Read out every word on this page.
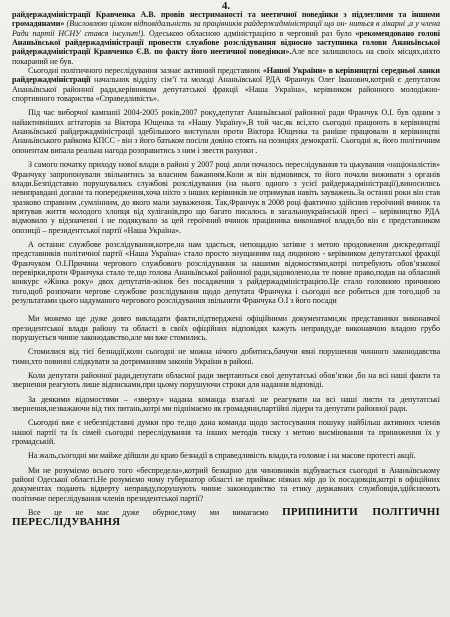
4.

райдержадміністрації Кравченка А.В. провів нестриманості та неетичної поведінки з підлеглими та іншими громадянами» (Висловлюю цілком відповідальність за працівників райдержадміністрації що он- ниться в лікарні ,а у члена Ради партії НСНУ стався інсульт!). Одеською обласною адміністрацією в черговий раз було «рекомендовано голові Ананьївської райдержадміністрації провести службове розслідування відносно заступника голови Ананьївської райдержадміністрації Кравченко Є.В. по факту його неетичної поведінки».Але все залишилось на своїх місцях,ніхто покараний не був.

Сьогодні політичного переслідування зазнає активний представник «Нашої України» в керівництві середньої ланки райдержадміністрації начальник відділу сім’ї та молоді Ананьївської РДА Франчук Олег Іванович,котрий є депутатом Ананьївської районної ради,керівником депутатської фракції «Наша Україна», керівником районного молодіжно-спортивного товариства «Справедливість».

Під час виборчої кампанії 2004-2005 років,2007 року,депутат Ананьївської районної ради Франчук О.І. був одним з найактивніших агітаторів за Віктора Ющенка та «Нашу Україну»,В той час,як всі,хто сьогодні працюють в керівництві Ананьївської райдержадміністрації здебільшого виступали проти Віктора Ющенка та раніше працювали в керівництві Ананьївського райкома КПСС - він з його батьком посіли довіно стоять на позиціях демократії. Сьогодні ж, його політичним опонентам випала реальна нагода розправитись з ним і звести рахунки .

З самого початку приходу нової влади в районі у 2007 році ,коли почалось переслідування та цькування «націоналістів» Франчуку запропонували звільнитись за власним бажанням.Коли ж він відмовився, то його почали виживати з органів влади.Безпідставно порушувались службові розслідування (на нього одного з усієї райдержадміністрації),виносились невиправдані догани та попередження,хоча ніхто з інших керівників не отримував навіть зауважень.За останні роки він став зразково справним ,сумлінним, до якого мали зауваження. Так,Франчук в 2008 році фактично здійснив героїчний вчинок та врятував життя молодого хлопця від хуліганів,про що багато писалось в загальноукраїнській пресі – керівництво РДА відмовило у відзначенні і не подякувало за цей героїчний вчинок працівника виконавчої влади,бо він є представником опозиції – президентської партії «Наша Україна».

А останнє службове розслідування,котре,на нам здається, непощадно затіяне з метою продовження дискредитації представників політичної партії «Наша Україна» стало просто знущанням над людиною - керівником депутатської фракції Франчуком О.І.Причина чергового службового розслідування за нашими відомостями,котрі потребують обов’язкової перевірки,проти Франчука стало те,що голова Ананьївської районної ради,задоволено,на те повне право,подав на обласний конкурс «Жінка року» двох депутатів-жінок без посадження з райдержадміністрацією.Це стало головною причиною того,щоб розпочати чергове службове розслідування щодо депутата Франчука і сьогодні все робиться для того,щоб за результатами цього надуманого чергового розслідування звільнити Франчука О.І з його посади

Ми можемо ще дуже довго викладати факти,підтверджені офіційними документами,як представники виконавчої президентської влади району та області в своїх офіційних відповідях кажуть неправду,де виконавчою владою грубо порушується чинне законодавство,але ми вже стомились.

Стомилися від тієї безнадії,коли сьогодні не можна нічого добитись,бачучи явні порушення чинного законодавства тими,хто повинні слідкувати за дотриманням законів України в районі.

Коли депутати районної ради,депутати обласної ради звертаються свої депутатські обов’язки ,бо на всі наші факти та звернення реагують лише відписками,при цьому порушуючи строки для надання відповіді.

За деякими відомостями – «зверху» надана команда взагалі не реагувати на всі наші листи та депутатські звернення,незважаючи від тих питань,котрі ми піднімаємо як громадяни,партійні лідери та депутати районної ради.

Сьогодні вже є небезпідставні думки про те,що дана команда щодо застосування пошуку найбільш активних членів нашої партії та їх сімей сьогодні переслідування та інших методів тиску з метою висміювання та приниження їх у громадській.

На жаль,сьогодні ми майже дійшли до краю безнадії в справедливість влади,та головне і на масове протесті акції.

Ми не розуміємо всього того «беспредела»,котрий безкарно для чиновників відбувається сьогодні в Ананьївському районі Одеської області.Не розуміємо чому губернатор області не приймає ніяких мір до їх посадовців,котрі в офіційних документах подають відверту неправду,порушують чинне законодавство та етику державних службовців,здійснюють політичне переслідування членів президентської партії?

Все це не має дуже обурює,тому ми вимагаємо ПРИПИНИТИ ПОЛІТИЧНІ ПЕРЕСЛІДУВАННЯ
